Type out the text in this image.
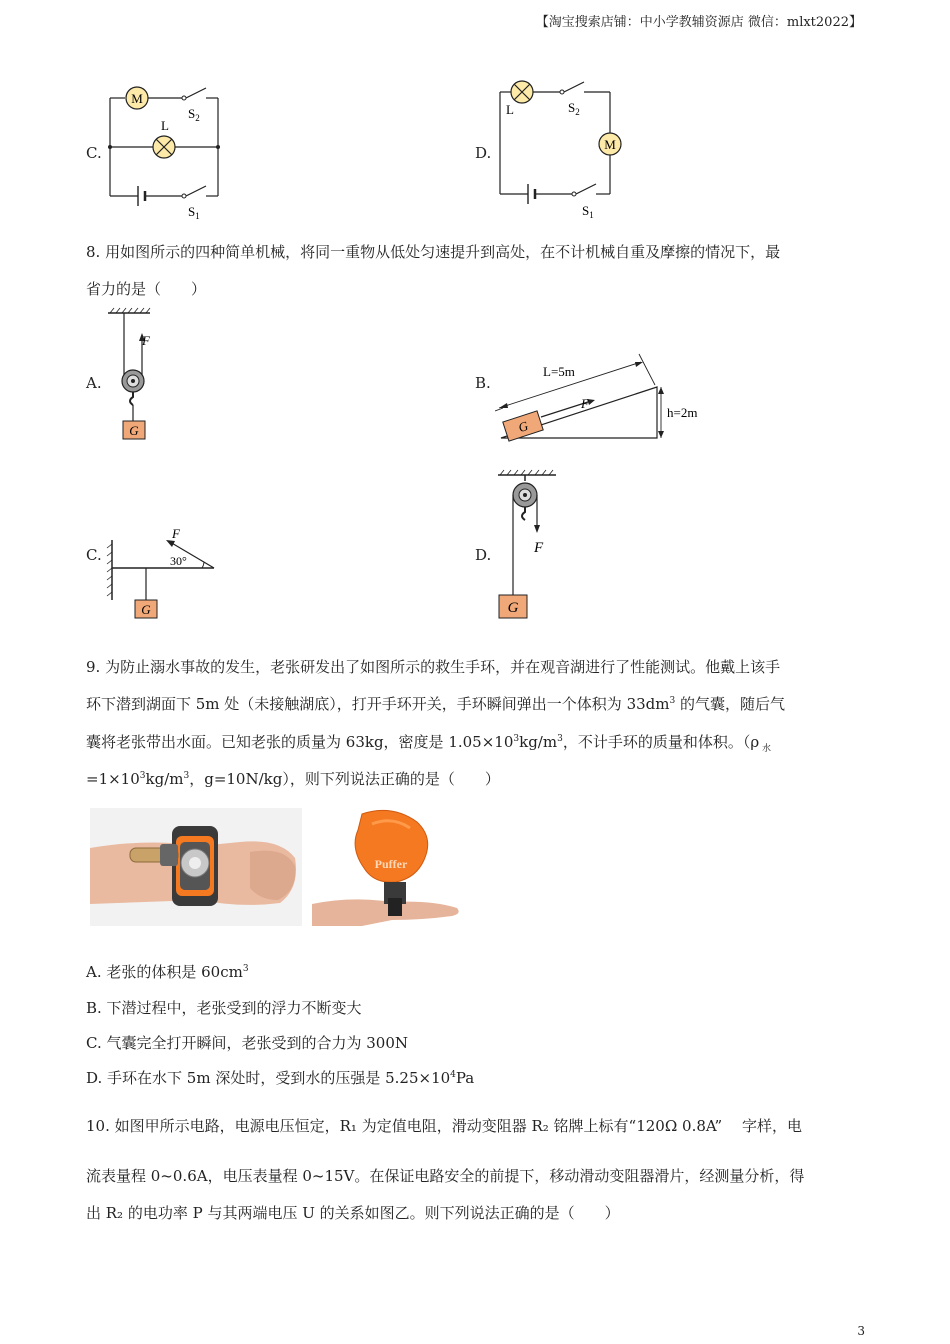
【淘宝搜索店铺：中小学教辅资源店 微信：mlxt2022】
C.
M
$S_2$
L
$S_1$
D.
L	$S_2$
M
$S_1$
8. 用如图所示的四种简单机械，将同一重物从低处匀速提升到高处，在不计机械自重及摩擦的情况下，最
省力的是（　　）
A.
F
G
B.
G
F
L=5m
h=2m
C.
G
F
30°	D.	F
G
9. 为防止溺水事故的发生，老张研发出了如图所示的救生手环，并在观音湖进行了性能测试。他戴上该手
环下潜到湖面下 5m 处（未接触湖底），打开手环开关，手环瞬间弹出一个体积为 $33dm^3$ 的气囊，随后气
囊将老张带出水面。已知老张的质量为 63kg，密度是 $1.05\times 10^3kg/m^3$，不计手环的质量和体积。（ρ $_水$
$=1\times 10^3kg/m^3$，g=10N/kg），则下列说法正确的是（　　）
Puffer
A. 老张的体积是 $60cm^3$
B. 下潜过程中，老张受到的浮力不断变大
C. 气囊完全打开瞬间，老张受到的合力为 300N
D. 手环在水下 5m 深处时，受到水的压强是 $5.25\times 10^4Pa$
10. 如图甲所示电路，电源电压恒定，R₁ 为定值电阻，滑动变阻器 R₂ 铭牌上标有“120Ω 0.8A”　 字样，电
流表量程 0~0.6A，电压表量程 0~15V。在保证电路安全的前提下，移动滑动变阻器滑片，经测量分析，得
出 R₂ 的电功率 P 与其两端电压 U 的关系如图乙。则下列说法正确的是（　　）
3
